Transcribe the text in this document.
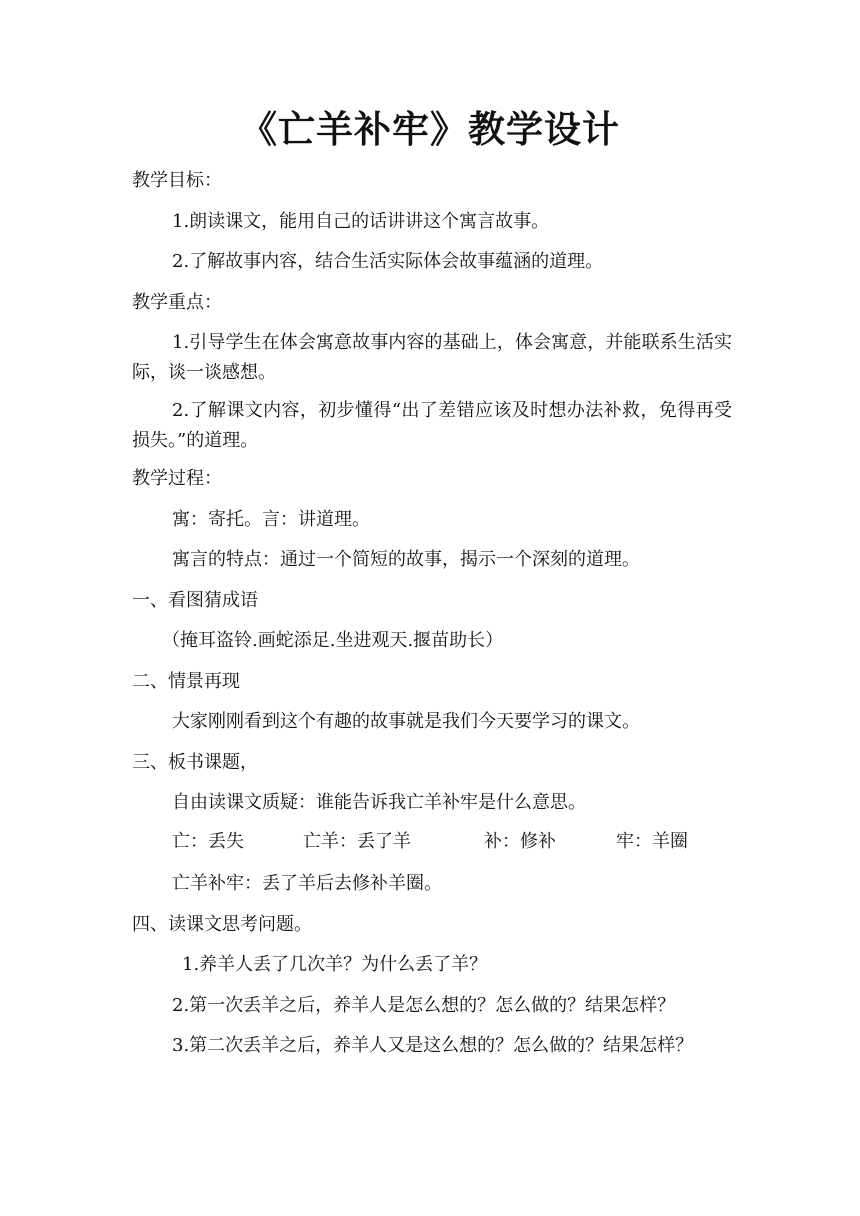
《亡羊补牢》教学设计
教学目标：
1.朗读课文，能用自己的话讲讲这个寓言故事。
2.了解故事内容，结合生活实际体会故事蕴涵的道理。
教学重点：
1.引导学生在体会寓意故事内容的基础上，体会寓意，并能联系生活实际，谈一谈感想。
2.了解课文内容，初步懂得“出了差错应该及时想办法补救，免得再受损失。”的道理。
教学过程：
寓：寄托。言：讲道理。
寓言的特点：通过一个简短的故事，揭示一个深刻的道理。
一、看图猜成语
（掩耳盗铃.画蛇添足.坐进观天.揠苗助长）
二、情景再现
大家刚刚看到这个有趣的故事就是我们今天要学习的课文。
三、板书课题，
自由读课文质疑：谁能告诉我亡羊补牢是什么意思。
亡：丢失	亡羊：丢了羊	补：修补	牢：羊圈
亡羊补牢：丢了羊后去修补羊圈。
四、读课文思考问题。
1.养羊人丢了几次羊？为什么丢了羊？
2.第一次丢羊之后，养羊人是怎么想的？怎么做的？结果怎样？
3.第二次丢羊之后，养羊人又是这么想的？怎么做的？结果怎样？
